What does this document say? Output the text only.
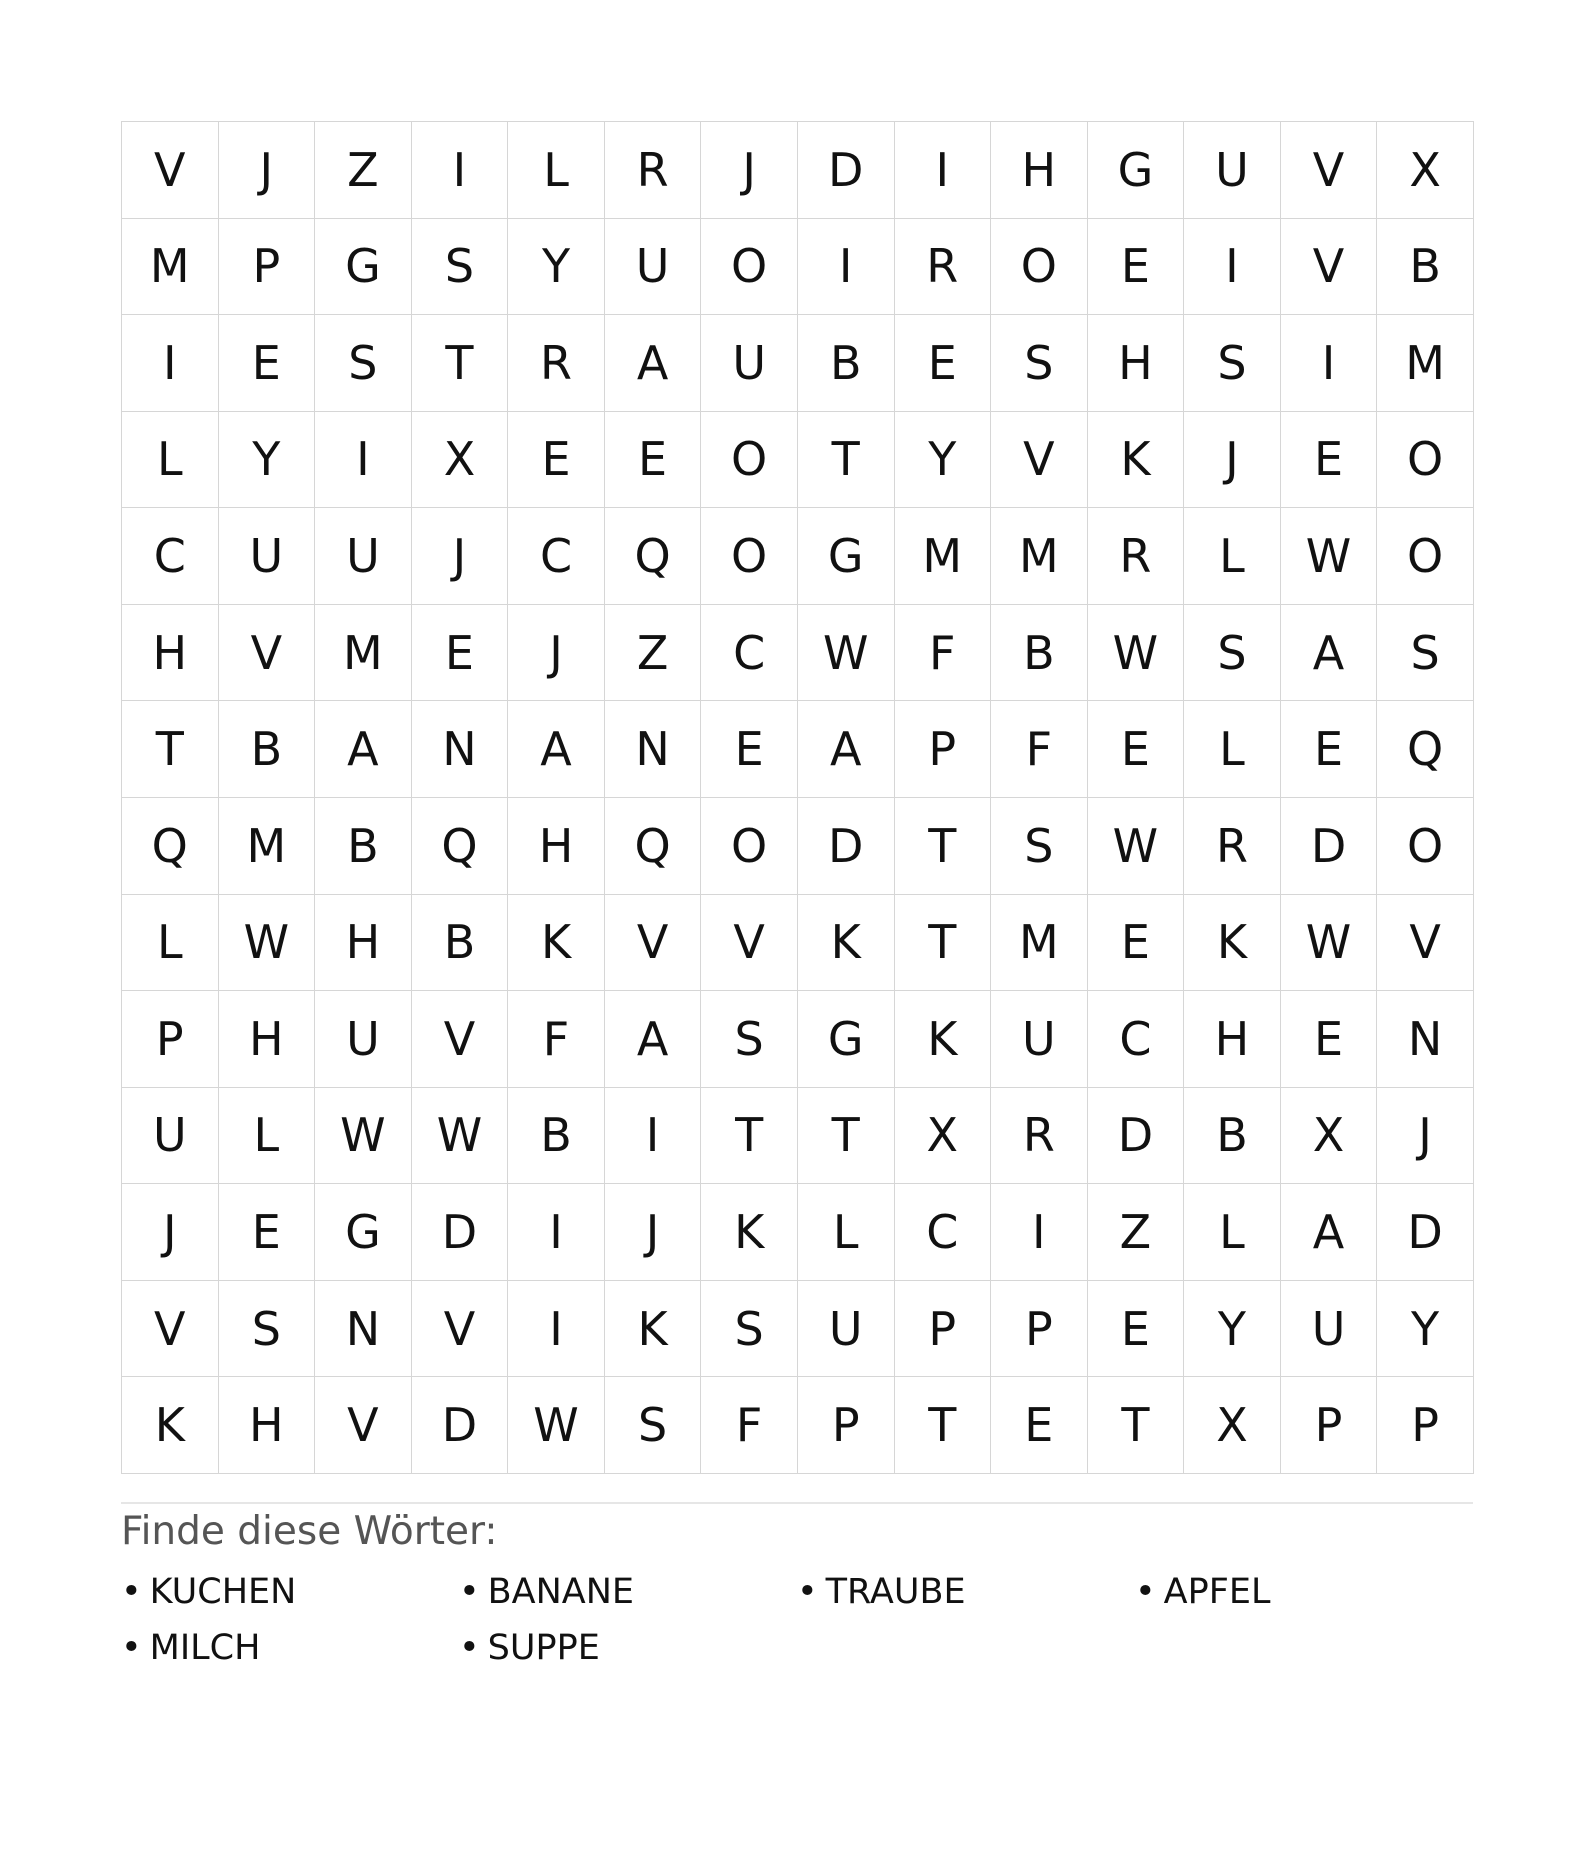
V	J	Z	I	L	R	J	D	I	H	G	U	V	X
M	P	G	S	Y	U	O	I	R	O	E	I	V	B
I	E	S	T	R	A	U	B	E	S	H	S	I	M
L	Y	I	X	E	E	O	T	Y	V	K	J	E	O
C	U	U	J	C	Q	O	G	M	M	R	L	W	O
H	V	M	E	J	Z	C	W	F	B	W	S	A	S
T	B	A	N	A	N	E	A	P	F	E	L	E	Q
Q	M	B	Q	H	Q	O	D	T	S	W	R	D	O
L	W	H	B	K	V	V	K	T	M	E	K	W	V
P	H	U	V	F	A	S	G	K	U	C	H	E	N
U	L	W	W	B	I	T	T	X	R	D	B	X	J
J	E	G	D	I	J	K	L	C	I	Z	L	A	D
V	S	N	V	I	K	S	U	P	P	E	Y	U	Y
K	H	V	D	W	S	F	P	T	E	T	X	P	P
Finde diese Wörter:
• KUCHEN	• BANANE	• TRAUBE	• APFEL
• MILCH	• SUPPE
